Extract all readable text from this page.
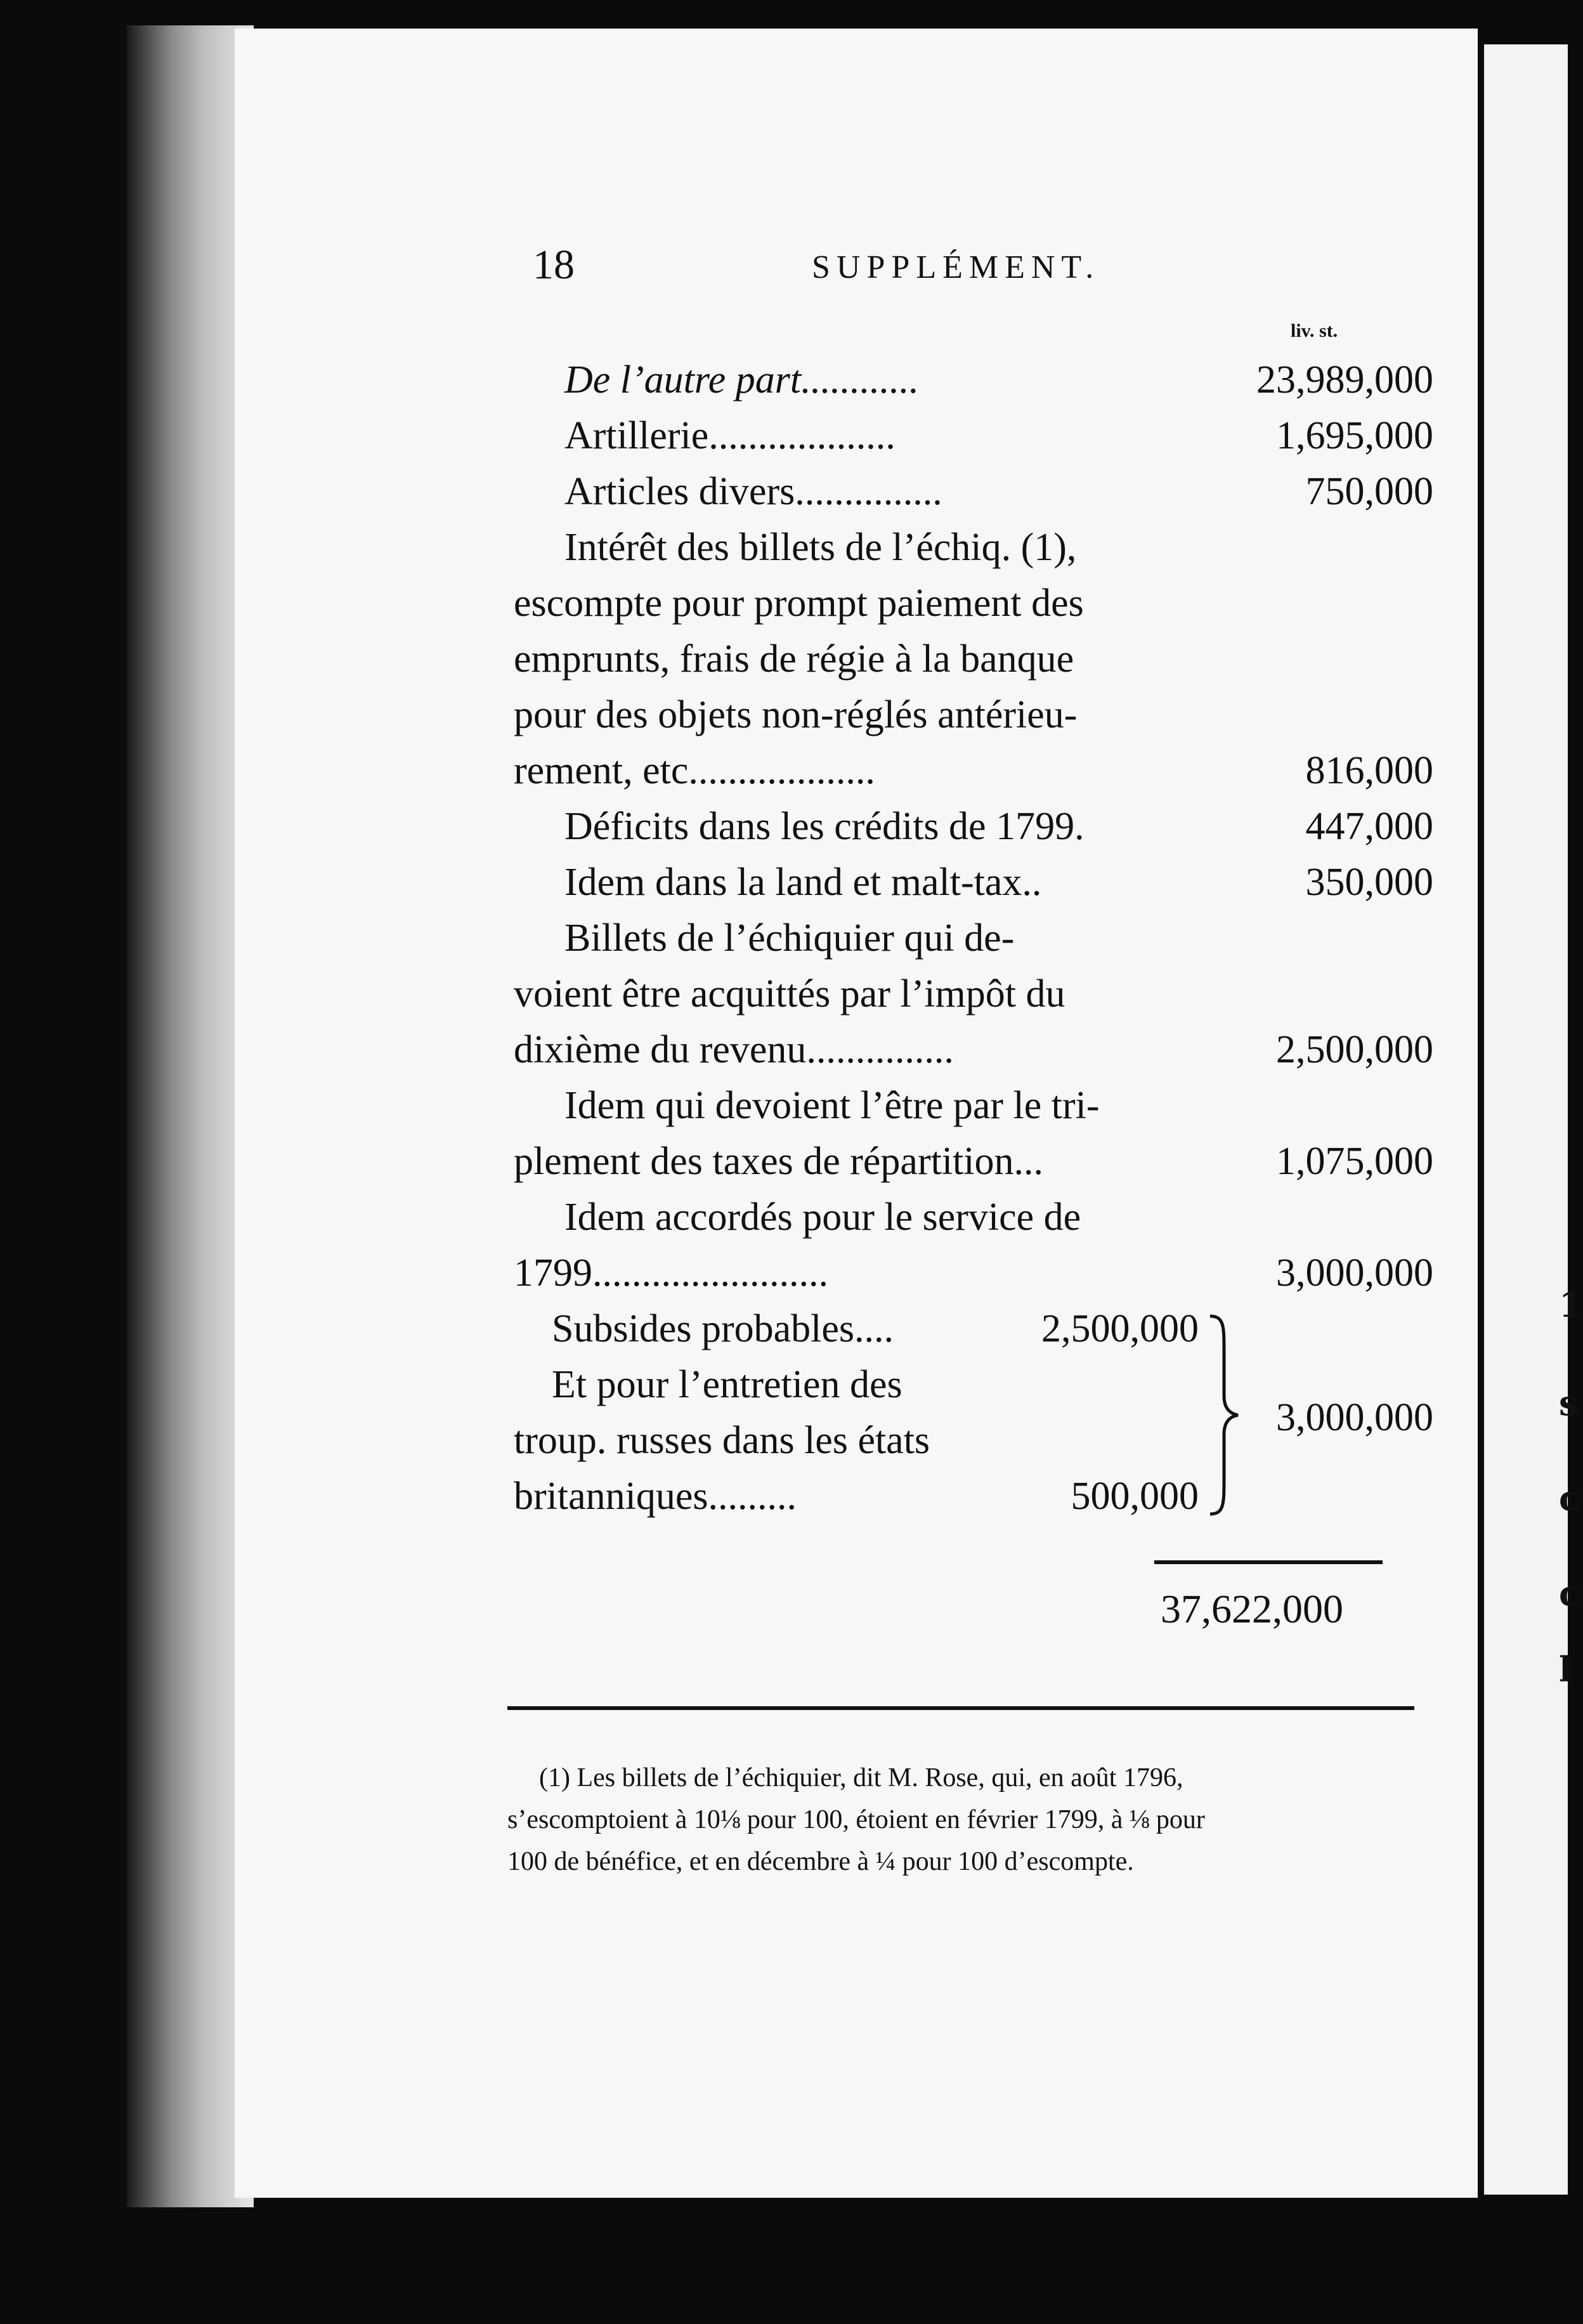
1
s
c
c
l
18	SUPPLÉMENT.
liv. st.
De l’autre part............	23,989,000
Artillerie...................	1,695,000
Articles divers...............	750,000
Intérêt des billets de l’échiq. (1),
escompte pour prompt paiement des
emprunts, frais de régie à la banque
pour des objets non-réglés antérieu-
rement, etc...................	816,000
Déficits dans les crédits de 1799.	447,000
Idem dans la land et malt-tax..	350,000
Billets de l’échiquier qui de-
voient être acquittés par l’impôt du
dixième du revenu...............	2,500,000
Idem qui devoient l’être par le tri-
plement des taxes de répartition...	1,075,000
Idem accordés pour le service de
1799........................	3,000,000
Subsides probables....	2,500,000
Et pour l’entretien des
troup. russes dans les états
britanniques.........	500,000
3,000,000
37,622,000
(1) Les billets de l’échiquier, dit M. Rose, qui, en août 1796,
s’escomptoient à 10⅛ pour 100, étoient en février 1799, à ⅛ pour
100 de bénéfice, et en décembre à ¼ pour 100 d’escompte.
